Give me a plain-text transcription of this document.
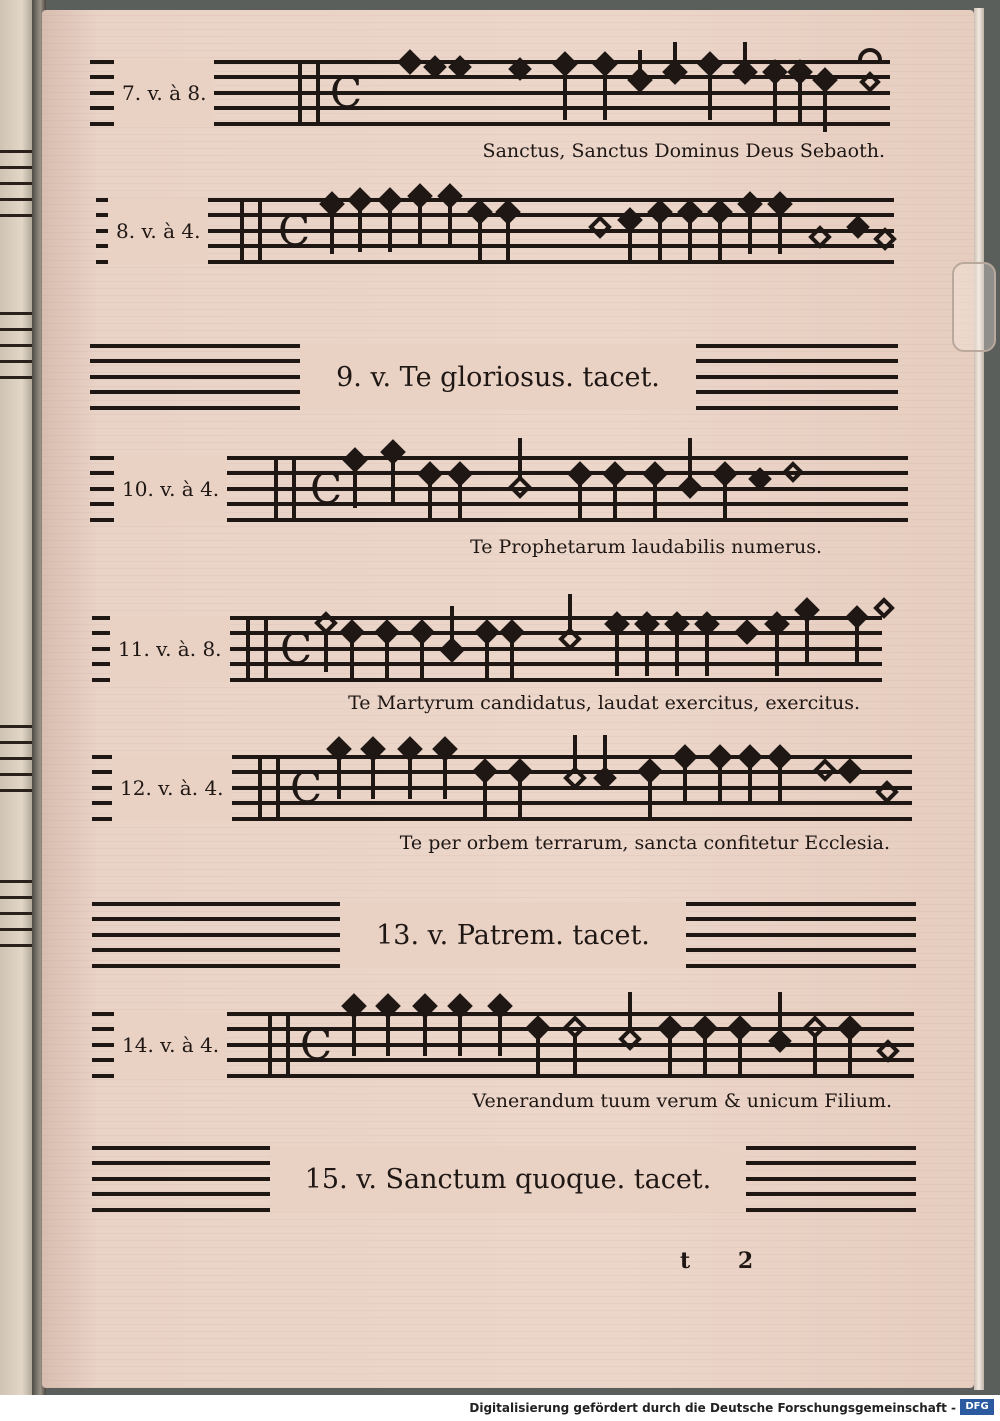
7. v. à 8.	C
Sanctus, Sanctus Dominus Deus Sebaoth.
8. v. à 4. C
9. v. Te gloriosus. tacet.
10. v. à 4. C
Te Prophetarum laudabilis numerus.
11. v. à. 8. C
Te Martyrum candidatus, laudat exercitus, exercitus.
12. v. à. 4. C
Te per orbem terrarum, sancta confitetur Ecclesia.
13. v. Patrem. tacet.
14. v. à 4. C
Venerandum tuum verum & unicum Filium.
15. v. Sanctum quoque. tacet.
t 2
Digitalisierung gefördert durch die Deutsche Forschungsgemeinschaft - DFG
